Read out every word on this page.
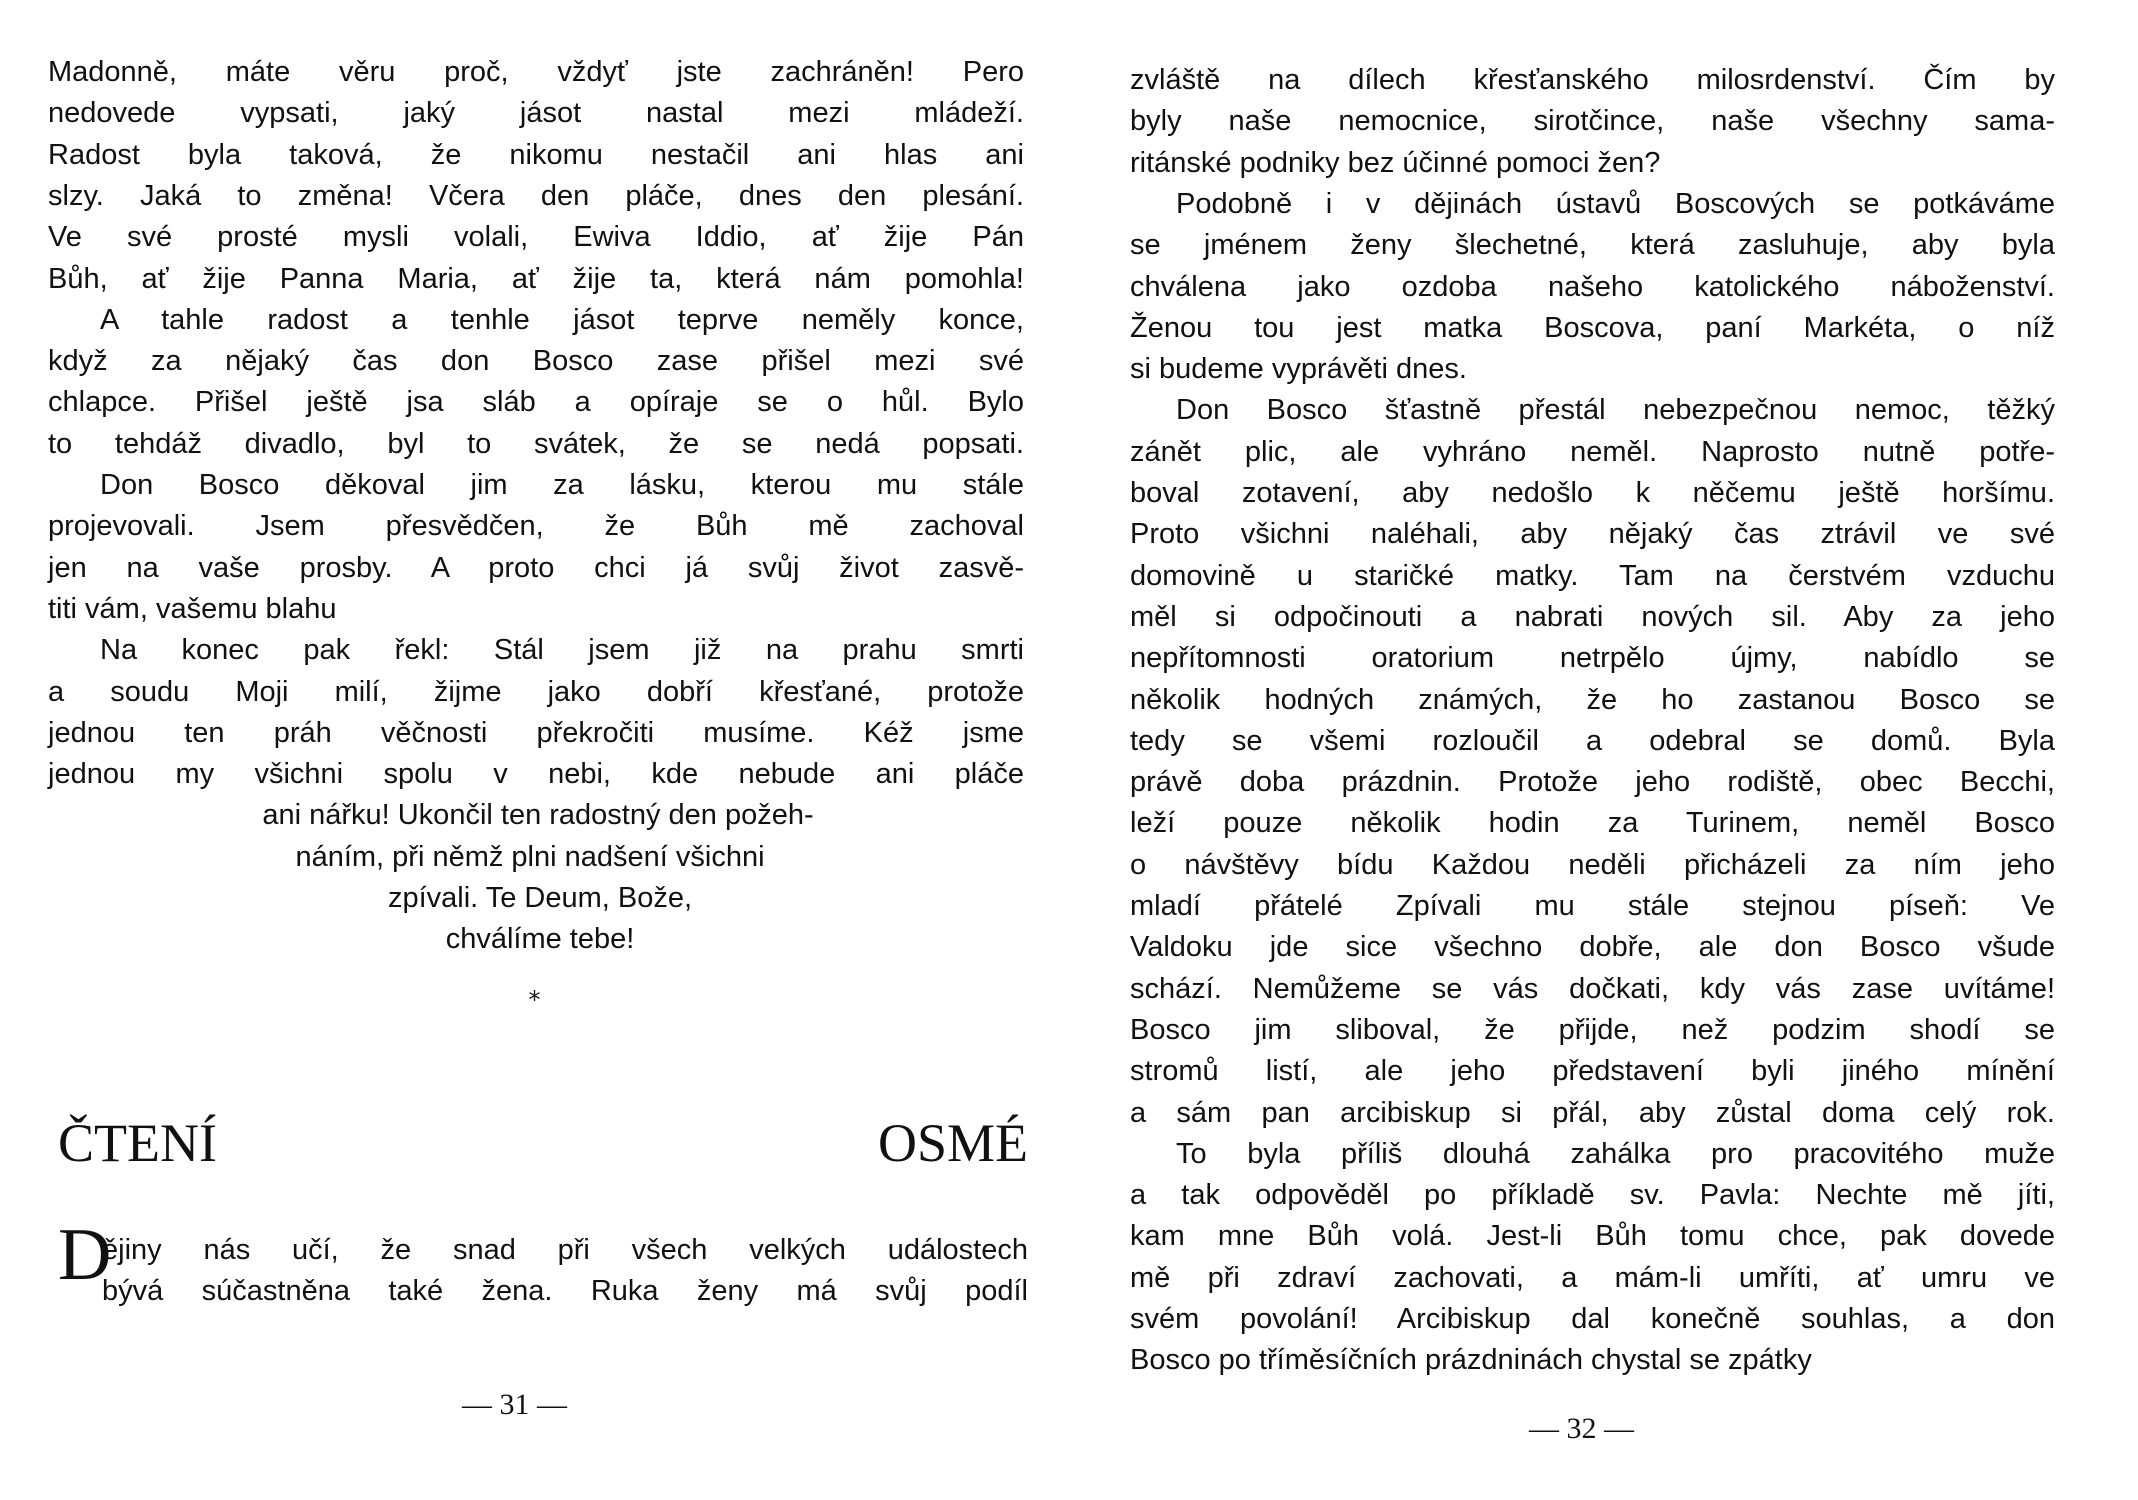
Madonně, máte věru proč, vždyť jste zachráněn! Pero
nedovede vypsati, jaký jásot nastal mezi mládeží.
Radost byla taková, že nikomu nestačil ani hlas ani
slzy. Jaká to změna! Včera den pláče, dnes den plesání.
Ve své prosté mysli volali, Ewiva Iddio, ať žije Pán
Bůh, ať žije Panna Maria, ať žije ta, která nám pomohla!
A tahle radost a tenhle jásot teprve neměly konce,
když za nějaký čas don Bosco zase přišel mezi své
chlapce. Přišel ještě jsa sláb a opíraje se o hůl. Bylo
to tehdáž divadlo, byl to svátek, že se nedá popsati.
Don Bosco děkoval jim za lásku, kterou mu stále
projevovali. Jsem přesvědčen, že Bůh mě zachoval
jen na vaše prosby. A proto chci já svůj život zasvě-
titi vám, vašemu blahu
Na konec pak řekl: Stál jsem již na prahu smrti
a soudu Moji milí, žijme jako dobří křesťané, protože
jednou ten práh věčnosti překročiti musíme. Kéž jsme
jednou my všichni spolu v nebi, kde nebude ani pláče
ani nářku! Ukončil ten radostný den požeh-
náním, při němž plni nadšení všichni
zpívali. Te Deum, Bože,
chválíme tebe!
*
ČTENÍ OSMÉ
D
ějiny nás učí, že snad při všech velkých událostech
bývá súčastněna také žena. Ruka ženy má svůj podíl
— 31 —
zvláště na dílech křesťanského milosrdenství. Čím by
byly naše nemocnice, sirotčince, naše všechny sama-
ritánské podniky bez účinné pomoci žen?
Podobně i v dějinách ústavů Boscových se potkáváme
se jménem ženy šlechetné, která zasluhuje, aby byla
chválena jako ozdoba našeho katolického náboženství.
Ženou tou jest matka Boscova, paní Markéta, o níž
si budeme vyprávěti dnes.
Don Bosco šťastně přestál nebezpečnou nemoc, těžký
zánět plic, ale vyhráno neměl. Naprosto nutně potře-
boval zotavení, aby nedošlo k něčemu ještě horšímu.
Proto všichni naléhali, aby nějaký čas ztrávil ve své
domovině u staričké matky. Tam na čerstvém vzduchu
měl si odpočinouti a nabrati nových sil. Aby za jeho
nepřítomnosti oratorium netrpělo újmy, nabídlo se
několik hodných známých, že ho zastanou Bosco se
tedy se všemi rozloučil a odebral se domů. Byla
právě doba prázdnin. Protože jeho rodiště, obec Becchi,
leží pouze několik hodin za Turinem, neměl Bosco
o návštěvy bídu Každou neděli přicházeli za ním jeho
mladí přátelé Zpívali mu stále stejnou píseň: Ve
Valdoku jde sice všechno dobře, ale don Bosco všude
schází. Nemůžeme se vás dočkati, kdy vás zase uvítáme!
Bosco jim sliboval, že přijde, než podzim shodí se
stromů listí, ale jeho představení byli jiného mínění
a sám pan arcibiskup si přál, aby zůstal doma celý rok.
To byla příliš dlouhá zahálka pro pracovitého muže
a tak odpověděl po příkladě sv. Pavla: Nechte mě jíti,
kam mne Bůh volá. Jest-li Bůh tomu chce, pak dovede
mě při zdraví zachovati, a mám-li umříti, ať umru ve
svém povolání! Arcibiskup dal konečně souhlas, a don
Bosco po tříměsíčních prázdninách chystal se zpátky
— 32 —
